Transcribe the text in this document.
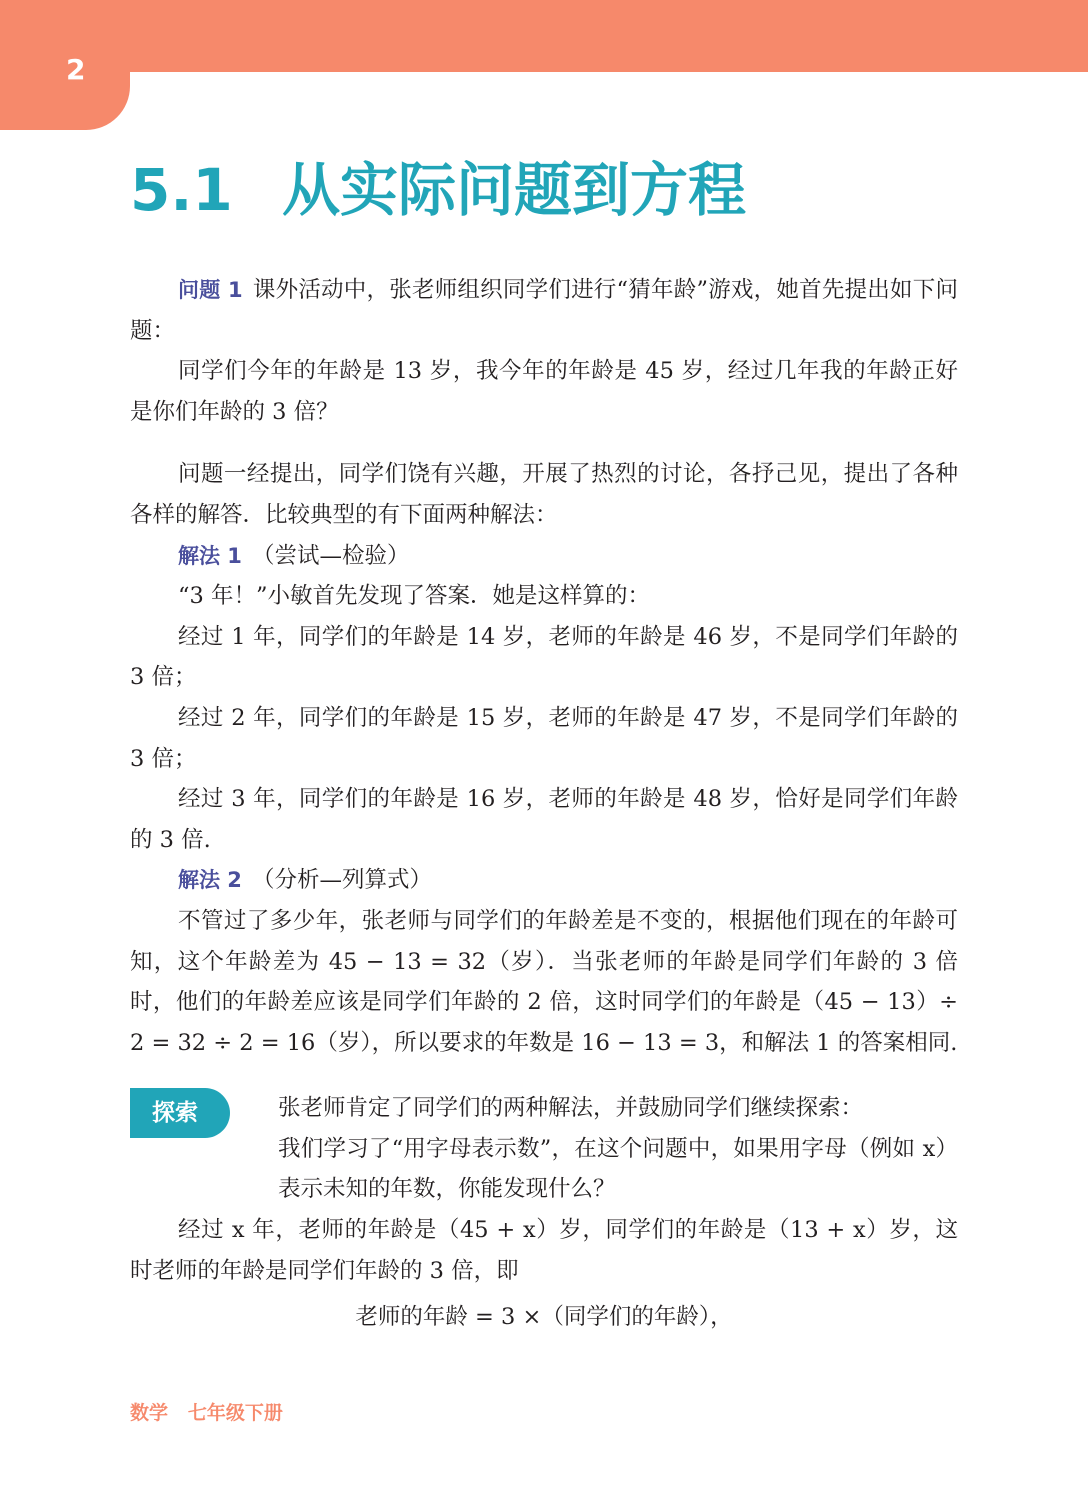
2
5.1 从实际问题到方程

问题 1 课外活动中，张老师组织同学们进行“猜年龄”游戏，她首先提出如下问题：

同学们今年的年龄是 13 岁，我今年的年龄是 45 岁，经过几年我的年龄正好是你们年龄的 3 倍？

问题一经提出，同学们饶有兴趣，开展了热烈的讨论，各抒己见，提出了各种各样的解答．比较典型的有下面两种解法：

解法 1 （尝试—检验）

“3 年！”小敏首先发现了答案．她是这样算的：

经过 1 年，同学们的年龄是 14 岁，老师的年龄是 46 岁，不是同学们年龄的 3 倍；

经过 2 年，同学们的年龄是 15 岁，老师的年龄是 47 岁，不是同学们年龄的 3 倍；

经过 3 年，同学们的年龄是 16 岁，老师的年龄是 48 岁，恰好是同学们年龄的 3 倍.

解法 2 （分析—列算式）

不管过了多少年，张老师与同学们的年龄差是不变的，根据他们现在的年龄可知，这个年龄差为 45 − 13 = 32（岁）．当张老师的年龄是同学们年龄的 3 倍时，他们的年龄差应该是同学们年龄的 2 倍，这时同学们的年龄是（45 − 13）÷ 2 = 32 ÷ 2 = 16（岁），所以要求的年数是 16 − 13 = 3，和解法 1 的答案相同.

探索	张老师肯定了同学们的两种解法，并鼓励同学们继续探索：

我们学习了“用字母表示数”，在这个问题中，如果用字母（例如 x）表示未知的年数，你能发现什么？

经过 x 年，老师的年龄是（45 + x）岁，同学们的年龄是（13 + x）岁，这时老师的年龄是同学们年龄的 3 倍，即

老师的年龄 = 3 ×（同学们的年龄），

数学 七年级下册
